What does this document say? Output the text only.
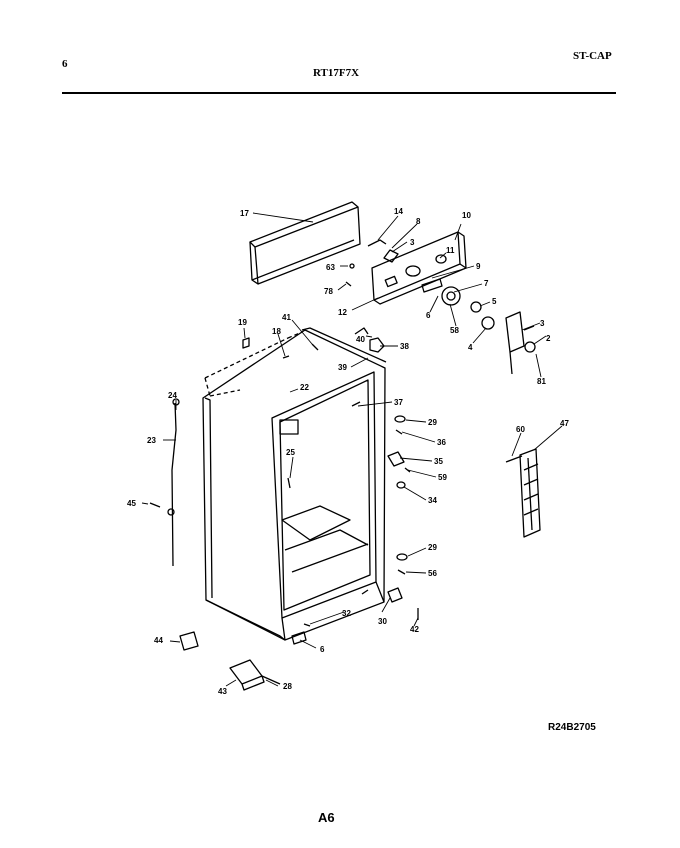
6
RT17F7X
ST-CAP
17	14
8
3
10
11
9
63
78
7
12
5
6
58
4
3
2
81
19
18
41
40
38
39
22
37
24
23
29
36
35
59
34
25
45
60
47
29
56
32
30
42
6
44
43
28
R24B2705
A6
